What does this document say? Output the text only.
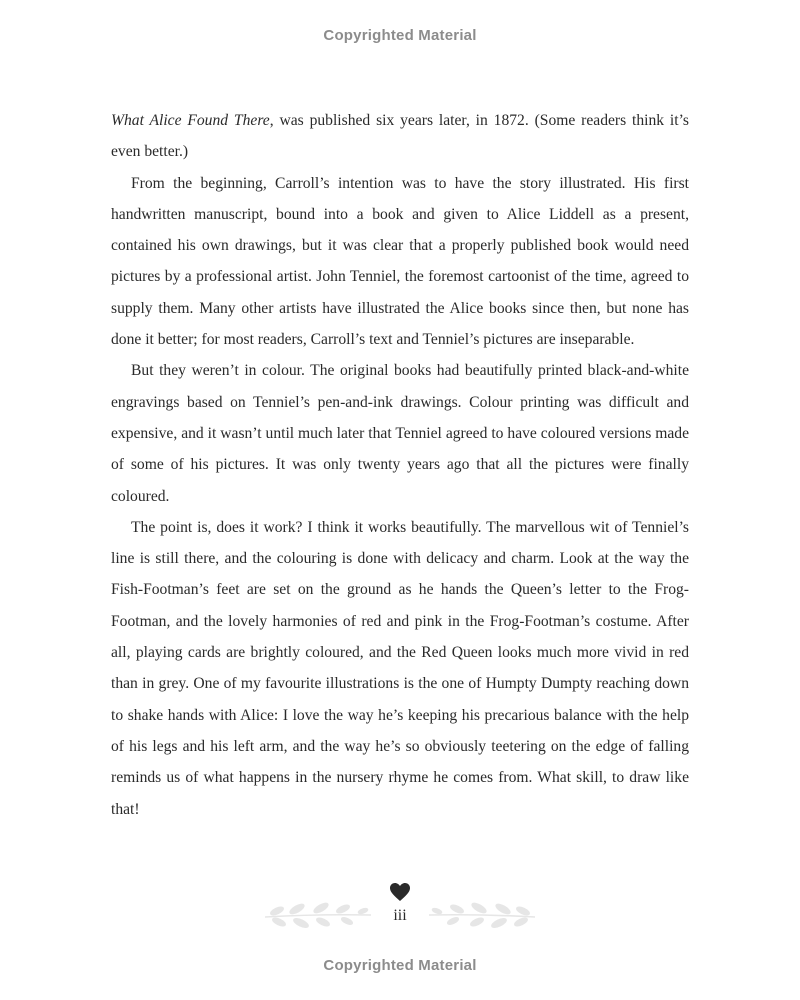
Copyrighted Material

What Alice Found There, was published six years later, in 1872. (Some readers think it’s even better.)

From the beginning, Carroll’s intention was to have the story illustrated. His first handwritten manuscript, bound into a book and given to Alice Liddell as a present, contained his own drawings, but it was clear that a properly published book would need pictures by a professional artist. John Tenniel, the foremost cartoonist of the time, agreed to supply them. Many other artists have illustrated the Alice books since then, but none has done it better; for most readers, Carroll’s text and Tenniel’s pictures are inseparable.

But they weren’t in colour. The original books had beautifully printed black-and-white engravings based on Tenniel’s pen-and-ink drawings. Colour printing was difficult and expensive, and it wasn’t until much later that Tenniel agreed to have coloured versions made of some of his pictures. It was only twenty years ago that all the pictures were finally coloured.

The point is, does it work? I think it works beautifully. The marvellous wit of Tenniel’s line is still there, and the colouring is done with delicacy and charm. Look at the way the Fish-Footman’s feet are set on the ground as he hands the Queen’s letter to the Frog-Footman, and the lovely harmonies of red and pink in the Frog-Footman’s costume. After all, playing cards are brightly coloured, and the Red Queen looks much more vivid in red than in grey. One of my favourite illustrations is the one of Humpty Dumpty reaching down to shake hands with Alice: I love the way he’s keeping his precarious balance with the help of his legs and his left arm, and the way he’s so obviously teetering on the edge of falling reminds us of what happens in the nursery rhyme he comes from. What skill, to draw like that!

iii
Copyrighted Material
